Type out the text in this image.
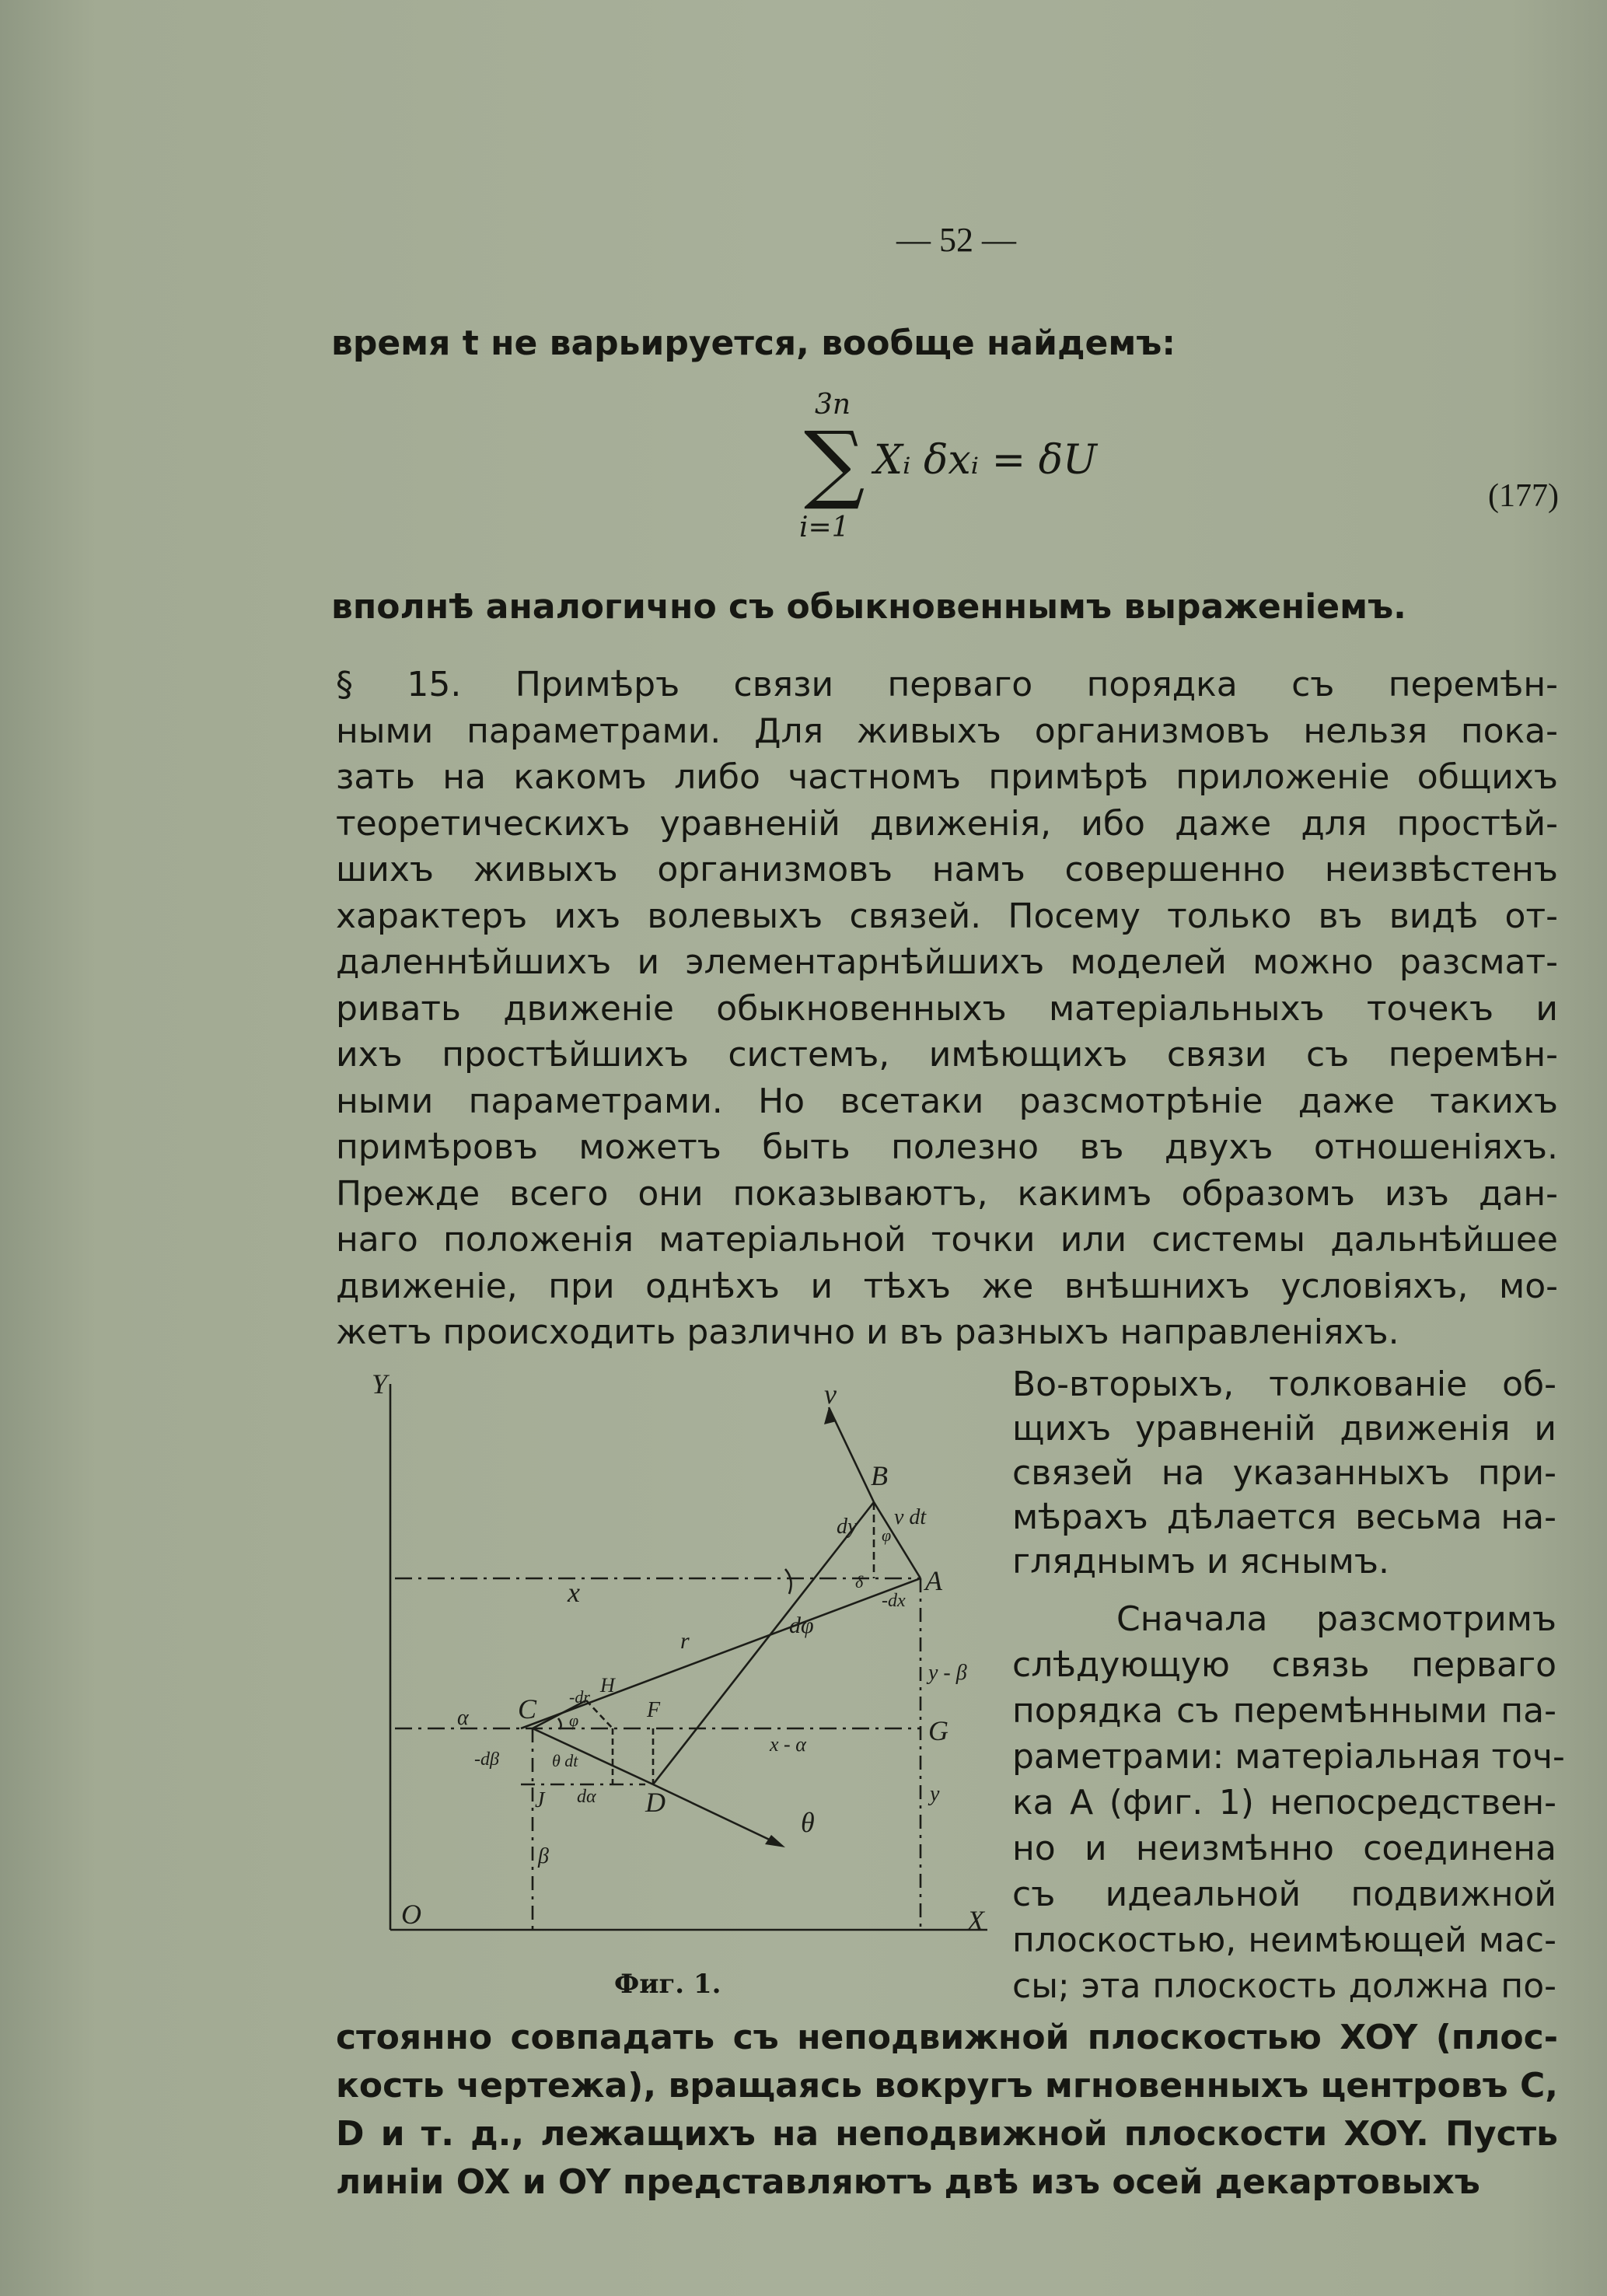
— 52 —
время t не варьируется, вообще найдемъ:
3n
∑
i=1
Xᵢ δxᵢ = δU
(177)
вполнѣ аналогично съ обыкновеннымъ выраженіемъ.
§ 15. Примѣръ связи перваго порядка съ перемѣн-
ными параметрами. Для живыхъ организмовъ нельзя пока-
зать на какомъ либо частномъ примѣрѣ приложеніе общихъ
теоретическихъ уравненій движенія, ибо даже для простѣй-
шихъ живыхъ организмовъ намъ совершенно неизвѣстенъ
характеръ ихъ волевыхъ связей. Посему только въ видѣ от-
даленнѣйшихъ и элементарнѣйшихъ моделей можно разсмат-
ривать движеніе обыкновенныхъ матеріальныхъ точекъ и
ихъ простѣйшихъ системъ, имѣющихъ связи съ перемѣн-
ными параметрами. Но всетаки разсмотрѣніе даже такихъ
примѣровъ можетъ быть полезно въ двухъ отношеніяхъ.
Прежде всего они показываютъ, какимъ образомъ изъ дан-
наго положенія матеріальной точки или системы дальнѣйшее
движеніе, при однѣхъ и тѣхъ же внѣшнихъ условіяхъ, мо-
жетъ происходить различно и въ разныхъ направленіяхъ.
Во-вторыхъ, толкованіе об-
щихъ уравненій движенія и
связей на указанныхъ при-
мѣрахъ дѣлается весьма на-
гляднымъ и яснымъ.
Сначала разсмотримъ
слѣдующую связь перваго
порядка съ перемѣнными па-
раметрами: матеріальная точ-
ка A (фиг. 1) непосредствен-
но и неизмѣнно соединена
съ идеальной подвижной
плоскостью, неимѣющей мас-
сы; эта плоскость должна по-
стоянно совпадать съ неподвижной плоскостью XOY (плос-
кость чертежа), вращаясь вокругъ мгновенныхъ центровъ C,
D и т. д., лежащихъ на неподвижной плоскости XOY. Пусть
линіи OX и OY представляютъ двѣ изъ осей декартовыхъ
Y
X
O
v
B
A
v dt
dy φ
δ
x	-dx
dφ
r
y - β
H
-dr
α C φ	F
G
x - α
-dβ	θ dt
J dα D
θ
y
β
Фиг. 1.
